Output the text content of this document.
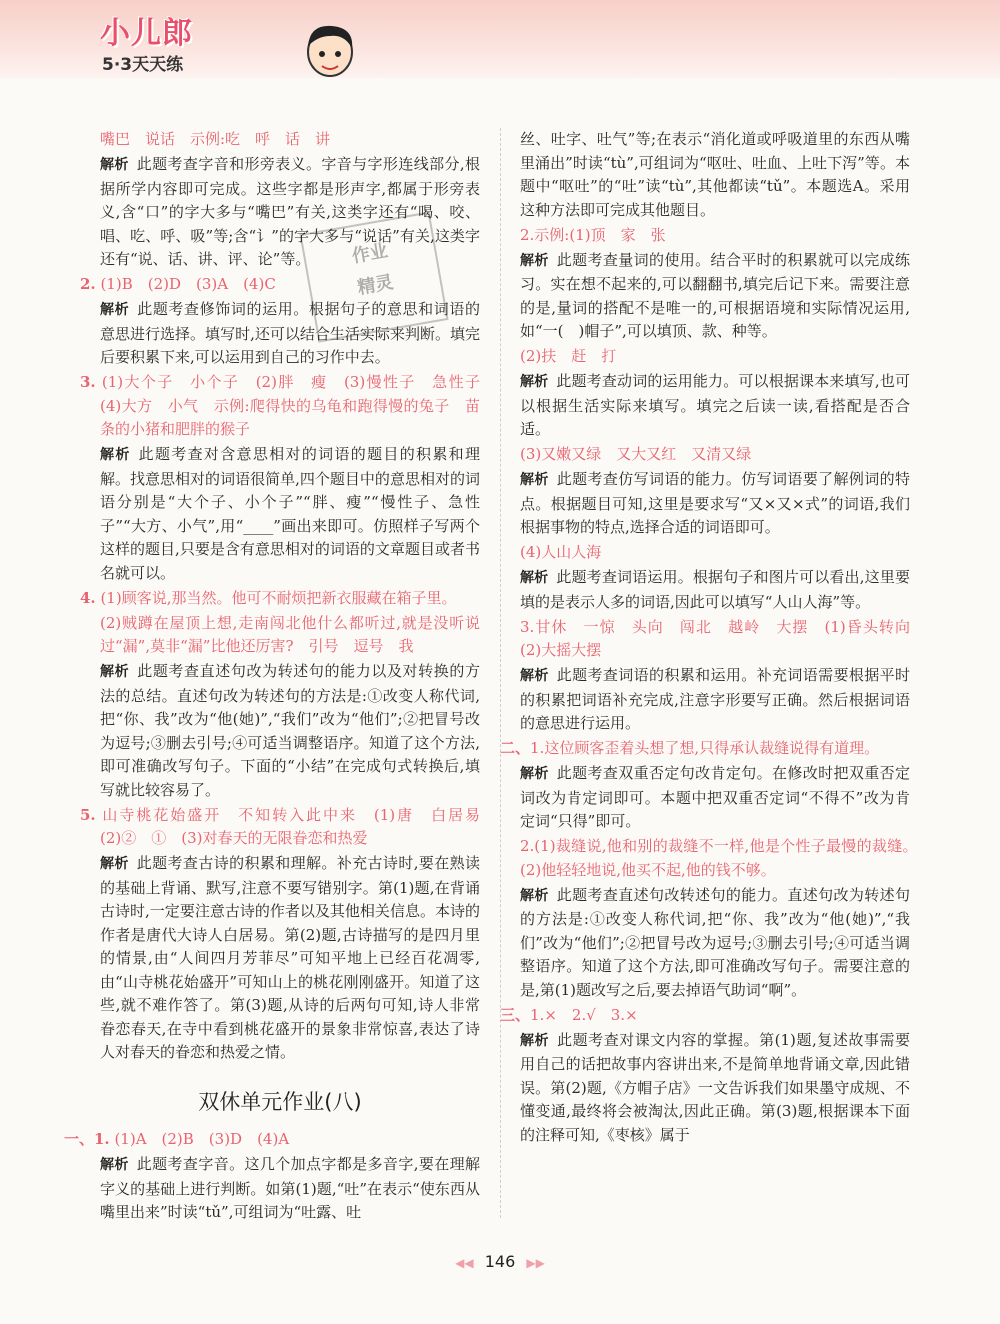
小儿郎
5·3天天练
作业
精灵

嘴巴　说话　示例:吃　呼　话　讲

解析 此题考查字音和形旁表义。字音与字形连线部分,根据所学内容即可完成。这些字都是形声字,都属于形旁表义,含“口”的字大多与“嘴巴”有关,这类字还有“喝、咬、唱、吃、呼、吸”等;含“讠”的字大多与“说话”有关,这类字还有“说、话、讲、评、论”等。

2. (1)B　(2)D　(3)A　(4)C

解析 此题考查修饰词的运用。根据句子的意思和词语的意思进行选择。填写时,还可以结合生活实际来判断。填完后要积累下来,可以运用到自己的习作中去。

3. (1)大个子　小个子　(2)胖　瘦　(3)慢性子　急性子　(4)大方　小气　示例:爬得快的乌龟和跑得慢的兔子　苗条的小猪和肥胖的猴子

解析 此题考查对含意思相对的词语的题目的积累和理解。找意思相对的词语很简单,四个题目中的意思相对的词语分别是“大个子、小个子”“胖、瘦”“慢性子、急性子”“大方、小气”,用“____”画出来即可。仿照样子写两个这样的题目,只要是含有意思相对的词语的文章题目或者书名就可以。

4. (1)顾客说,那当然。他可不耐烦把新衣服藏在箱子里。

(2)贼蹲在屋顶上想,走南闯北他什么都听过,就是没听说过“漏”,莫非“漏”比他还厉害?　引号　逗号　我

解析 此题考查直述句改为转述句的能力以及对转换的方法的总结。直述句改为转述句的方法是:①改变人称代词,把“你、我”改为“他(她)”,“我们”改为“他们”;②把冒号改为逗号;③删去引号;④可适当调整语序。知道了这个方法,即可准确改写句子。下面的“小结”在完成句式转换后,填写就比较容易了。

5. 山寺桃花始盛开　不知转入此中来　(1)唐　白居易　(2)②　①　(3)对春天的无限眷恋和热爱

解析 此题考查古诗的积累和理解。补充古诗时,要在熟读的基础上背诵、默写,注意不要写错别字。第(1)题,在背诵古诗时,一定要注意古诗的作者以及其他相关信息。本诗的作者是唐代大诗人白居易。第(2)题,古诗描写的是四月里的情景,由“人间四月芳菲尽”可知平地上已经百花凋零,由“山寺桃花始盛开”可知山上的桃花刚刚盛开。知道了这些,就不难作答了。第(3)题,从诗的后两句可知,诗人非常眷恋春天,在寺中看到桃花盛开的景象非常惊喜,表达了诗人对春天的眷恋和热爱之情。

双休单元作业(八)

一、1. (1)A　(2)B　(3)D　(4)A

解析 此题考查字音。这几个加点字都是多音字,要在理解字义的基础上进行判断。如第(1)题,“吐”在表示“使东西从嘴里出来”时读“tǔ”,可组词为“吐露、吐

丝、吐字、吐气”等;在表示“消化道或呼吸道里的东西从嘴里涌出”时读“tù”,可组词为“呕吐、吐血、上吐下泻”等。本题中“呕吐”的“吐”读“tù”,其他都读“tǔ”。本题选A。采用这种方法即可完成其他题目。

2.示例:(1)顶　家　张

解析 此题考查量词的使用。结合平时的积累就可以完成练习。实在想不起来的,可以翻翻书,填完后记下来。需要注意的是,量词的搭配不是唯一的,可根据语境和实际情况运用,如“一(　)帽子”,可以填顶、款、种等。

(2)扶　赶　打

解析 此题考查动词的运用能力。可以根据课本来填写,也可以根据生活实际来填写。填完之后读一读,看搭配是否合适。

(3)又嫩又绿　又大又红　又清又绿

解析 此题考查仿写词语的能力。仿写词语要了解例词的特点。根据题目可知,这里是要求写“又×又×式”的词语,我们根据事物的特点,选择合适的词语即可。

(4)人山人海

解析 此题考查词语运用。根据句子和图片可以看出,这里要填的是表示人多的词语,因此可以填写“人山人海”等。

3.甘休　一惊　头向　闯北　越岭　大摆　(1)昏头转向　(2)大摇大摆

解析 此题考查词语的积累和运用。补充词语需要根据平时的积累把词语补充完成,注意字形要写正确。然后根据词语的意思进行运用。

二、1.这位顾客歪着头想了想,只得承认裁缝说得有道理。

解析 此题考查双重否定句改肯定句。在修改时把双重否定词改为肯定词即可。本题中把双重否定词“不得不”改为肯定词“只得”即可。

2.(1)裁缝说,他和别的裁缝不一样,他是个性子最慢的裁缝。　(2)他轻轻地说,他买不起,他的钱不够。

解析 此题考查直述句改转述句的能力。直述句改为转述句的方法是:①改变人称代词,把“你、我”改为“他(她)”,“我们”改为“他们”;②把冒号改为逗号;③删去引号;④可适当调整语序。知道了这个方法,即可准确改写句子。需要注意的是,第(1)题改写之后,要去掉语气助词“啊”。

三、1.×　2.√　3.×

解析 此题考查对课文内容的掌握。第(1)题,复述故事需要用自己的话把故事内容讲出来,不是简单地背诵文章,因此错误。第(2)题,《方帽子店》一文告诉我们如果墨守成规、不懂变通,最终将会被淘汰,因此正确。第(3)题,根据课本下面的注释可知,《枣核》属于

◀◀ 146 ▶▶
